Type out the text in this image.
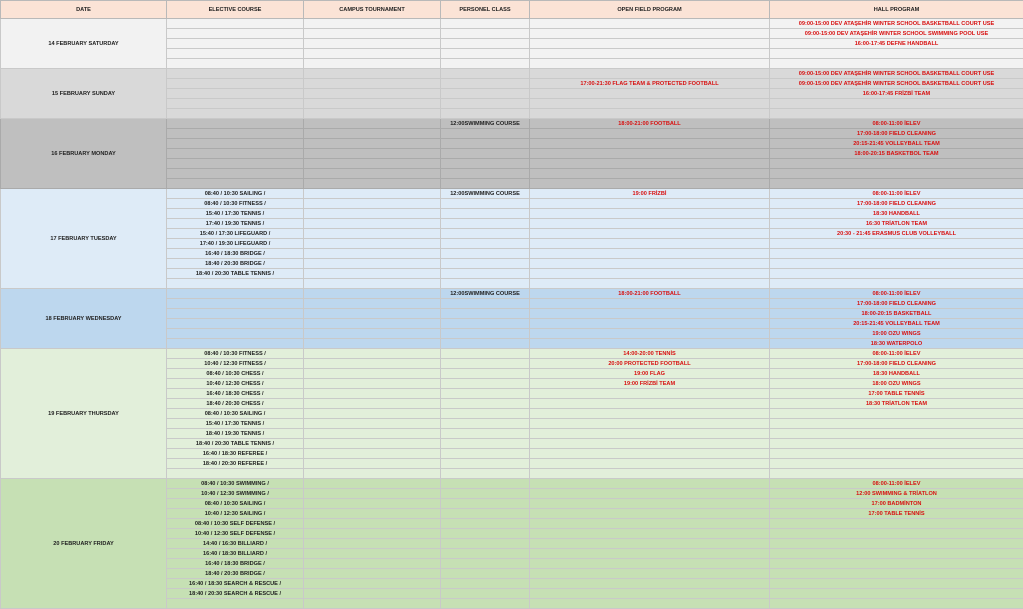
DATE	ELECTIVE COURSE	CAMPUS TOURNAMENT	PERSONEL CLASS	OPEN FIELD PROGRAM	HALL PROGRAM
14 FEBRUARY SATURDAY					09:00-15:00 DEV ATAŞEHİR WINTER SCHOOL BASKETBALL COURT USE
					09:00-15:00 DEV ATAŞEHİR WINTER SCHOOL SWIMMING POOL USE
					16:00-17:45 DEFNE HANDBALL

15 FEBRUARY SUNDAY					09:00-15:00 DEV ATAŞEHİR WINTER SCHOOL BASKETBALL COURT USE
				17:00-21:30 FLAG TEAM & PROTECTED FOOTBALL	09:00-15:00 DEV ATAŞEHİR WINTER SCHOOL BASKETBALL COURT USE
					16:00-17:45 FRİZBİ TEAM

16 FEBRUARY MONDAY			12:00SWIMMING COURSE	18:00-21:00 FOOTBALL	08:00-11:00 İELEV
					17:00-18:00 FIELD CLEANING
					20:15-21:45 VOLLEYBALL TEAM
					18:00-20:15 BASKETBOL TEAM

17 FEBRUARY TUESDAY	08:40 / 10:30 SAILING /		12:00SWIMMING COURSE	19:00 FRİZBİ	08:00-11:00 İELEV
	08:40 / 10:30 FITNESS /				17:00-18:00 FIELD CLEANING
	15:40 / 17:30 TENNIS /				18:30 HANDBALL
	17:40 / 19:30 TENNIS /				16:30 TRİATLON TEAM
	15:40 / 17:30 LIFEGUARD /				20:30 - 21:45 ERASMUS CLUB VOLLEYBALL
	17:40 / 19:30 LIFEGUARD /				
	16:40 / 18:30 BRIDGE /				
	18:40 / 20:30 BRIDGE /				
	18:40 / 20:30 TABLE TENNIS /				

18 FEBRUARY WEDNESDAY			12:00SWIMMING COURSE	18:00-21:00 FOOTBALL	08:00-11:00 İELEV
					17:00-18:00 FIELD CLEANING
					18:00-20:15 BASKETBALL
					20:15-21:45 VOLLEYBALL TEAM
					19:00 OZU WINGS
					18:30 WATERPOLO
19 FEBRUARY THURSDAY	08:40 / 10:30 FITNESS /			14:00-20:00 TENNİS	08:00-11:00 İELEV
	10:40 / 12:30 FITNESS /			20:00 PROTECTED FOOTBALL	17:00-18:00 FIELD CLEANING
	08:40 / 10:30 CHESS /			19:00 FLAG	18:30 HANDBALL
	10:40 / 12:30 CHESS /			19:00 FRİZBİ TEAM	18:00 OZU WINGS
	16:40 / 18:30 CHESS /				17:00 TABLE TENNİS
	18:40 / 20:30 CHESS /				18:30 TRİATLON TEAM
	08:40 / 10:30 SAILING /				
	15:40 / 17:30 TENNIS /				
	18:40 / 19:30 TENNIS /				
	18:40 / 20:30 TABLE TENNIS /				
	16:40 / 18:30 REFEREE /				
	18:40 / 20:30 REFEREE /				

20 FEBRUARY FRIDAY	08:40 / 10:30 SWIMMING /				08:00-11:00 İELEV
	10:40 / 12:30 SWIMMING /				12:00 SWIMMING & TRİATLON
	08:40 / 10:30 SAILING /				17:00 BADMİNTON
	10:40 / 12:30 SAILING /				17:00 TABLE TENNİS
	08:40 / 10:30 SELF DEFENSE /				
	10:40 / 12:30 SELF DEFENSE /				
	14:40 / 16:30 BILLIARD /				
	16:40 / 18:30 BILLIARD /				
	16:40 / 18:30 BRIDGE /				
	18:40 / 20:30 BRIDGE /				
	16:40 / 18:30 SEARCH & RESCUE /				
	18:40 / 20:30 SEARCH & RESCUE /				
